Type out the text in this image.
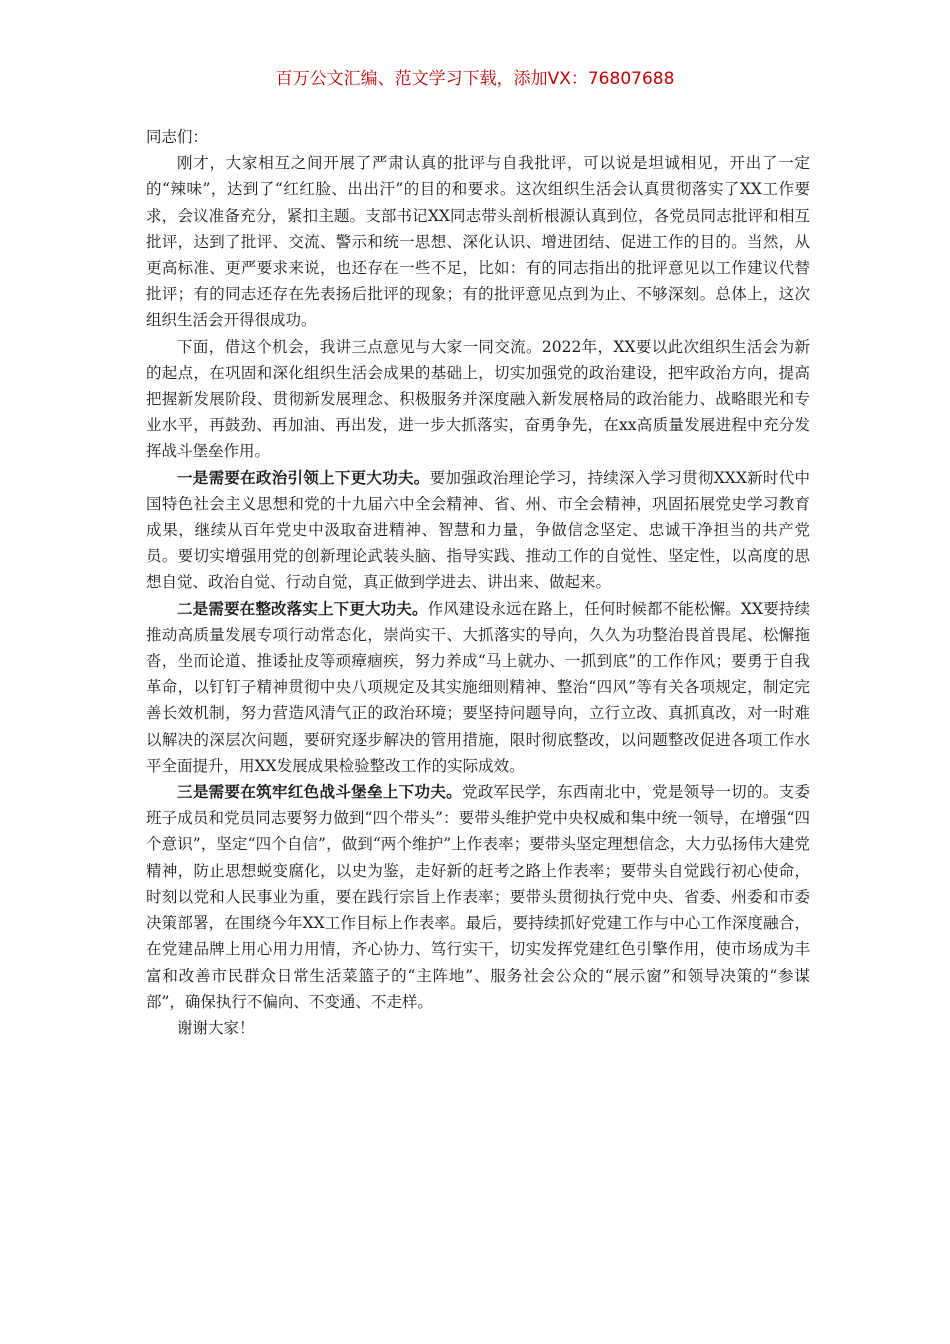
百万公文汇编、范文学习下载，添加VX：76807688

同志们：

刚才，大家相互之间开展了严肃认真的批评与自我批评，可以说是坦诚相见，开出了一定的“辣味”，达到了“红红脸、出出汗”的目的和要求。这次组织生活会认真贯彻落实了XX工作要求，会议准备充分，紧扣主题。支部书记XX同志带头剖析根源认真到位，各党员同志批评和相互批评，达到了批评、交流、警示和统一思想、深化认识、增进团结、促进工作的目的。当然，从更高标准、更严要求来说，也还存在一些不足，比如：有的同志指出的批评意见以工作建议代替批评；有的同志还存在先表扬后批评的现象；有的批评意见点到为止、不够深刻。总体上，这次组织生活会开得很成功。

下面，借这个机会，我讲三点意见与大家一同交流。2022年，XX要以此次组织生活会为新的起点，在巩固和深化组织生活会成果的基础上，切实加强党的政治建设，把牢政治方向，提高把握新发展阶段、贯彻新发展理念、积极服务并深度融入新发展格局的政治能力、战略眼光和专业水平，再鼓劲、再加油、再出发，进一步大抓落实，奋勇争先，在xx高质量发展进程中充分发挥战斗堡垒作用。

一是需要在政治引领上下更大功夫。要加强政治理论学习，持续深入学习贯彻XXX新时代中国特色社会主义思想和党的十九届六中全会精神、省、州、市全会精神，巩固拓展党史学习教育成果，继续从百年党史中汲取奋进精神、智慧和力量，争做信念坚定、忠诚干净担当的共产党员。要切实增强用党的创新理论武装头脑、指导实践、推动工作的自觉性、坚定性，以高度的思想自觉、政治自觉、行动自觉，真正做到学进去、讲出来、做起来。

二是需要在整改落实上下更大功夫。作风建设永远在路上，任何时候都不能松懈。XX要持续推动高质量发展专项行动常态化，崇尚实干、大抓落实的导向，久久为功整治畏首畏尾、松懈拖沓，坐而论道、推诿扯皮等顽瘴痼疾，努力养成“马上就办、一抓到底”的工作作风；要勇于自我革命，以钉钉子精神贯彻中央八项规定及其实施细则精神、整治“四风”等有关各项规定，制定完善长效机制，努力营造风清气正的政治环境；要坚持问题导向，立行立改、真抓真改，对一时难以解决的深层次问题，要研究逐步解决的管用措施，限时彻底整改，以问题整改促进各项工作水平全面提升，用XX发展成果检验整改工作的实际成效。

三是需要在筑牢红色战斗堡垒上下功夫。党政军民学，东西南北中，党是领导一切的。支委班子成员和党员同志要努力做到“四个带头”：要带头维护党中央权威和集中统一领导，在增强“四个意识”，坚定“四个自信”，做到“两个维护”上作表率；要带头坚定理想信念，大力弘扬伟大建党精神，防止思想蜕变腐化，以史为鉴，走好新的赶考之路上作表率；要带头自觉践行初心使命，时刻以党和人民事业为重，要在践行宗旨上作表率；要带头贯彻执行党中央、省委、州委和市委决策部署，在围绕今年XX工作目标上作表率。最后，要持续抓好党建工作与中心工作深度融合，在党建品牌上用心用力用情，齐心协力、笃行实干，切实发挥党建红色引擎作用，使市场成为丰富和改善市民群众日常生活菜篮子的“主阵地”、服务社会公众的“展示窗”和领导决策的“参谋部”，确保执行不偏向、不变通、不走样。

谢谢大家！
